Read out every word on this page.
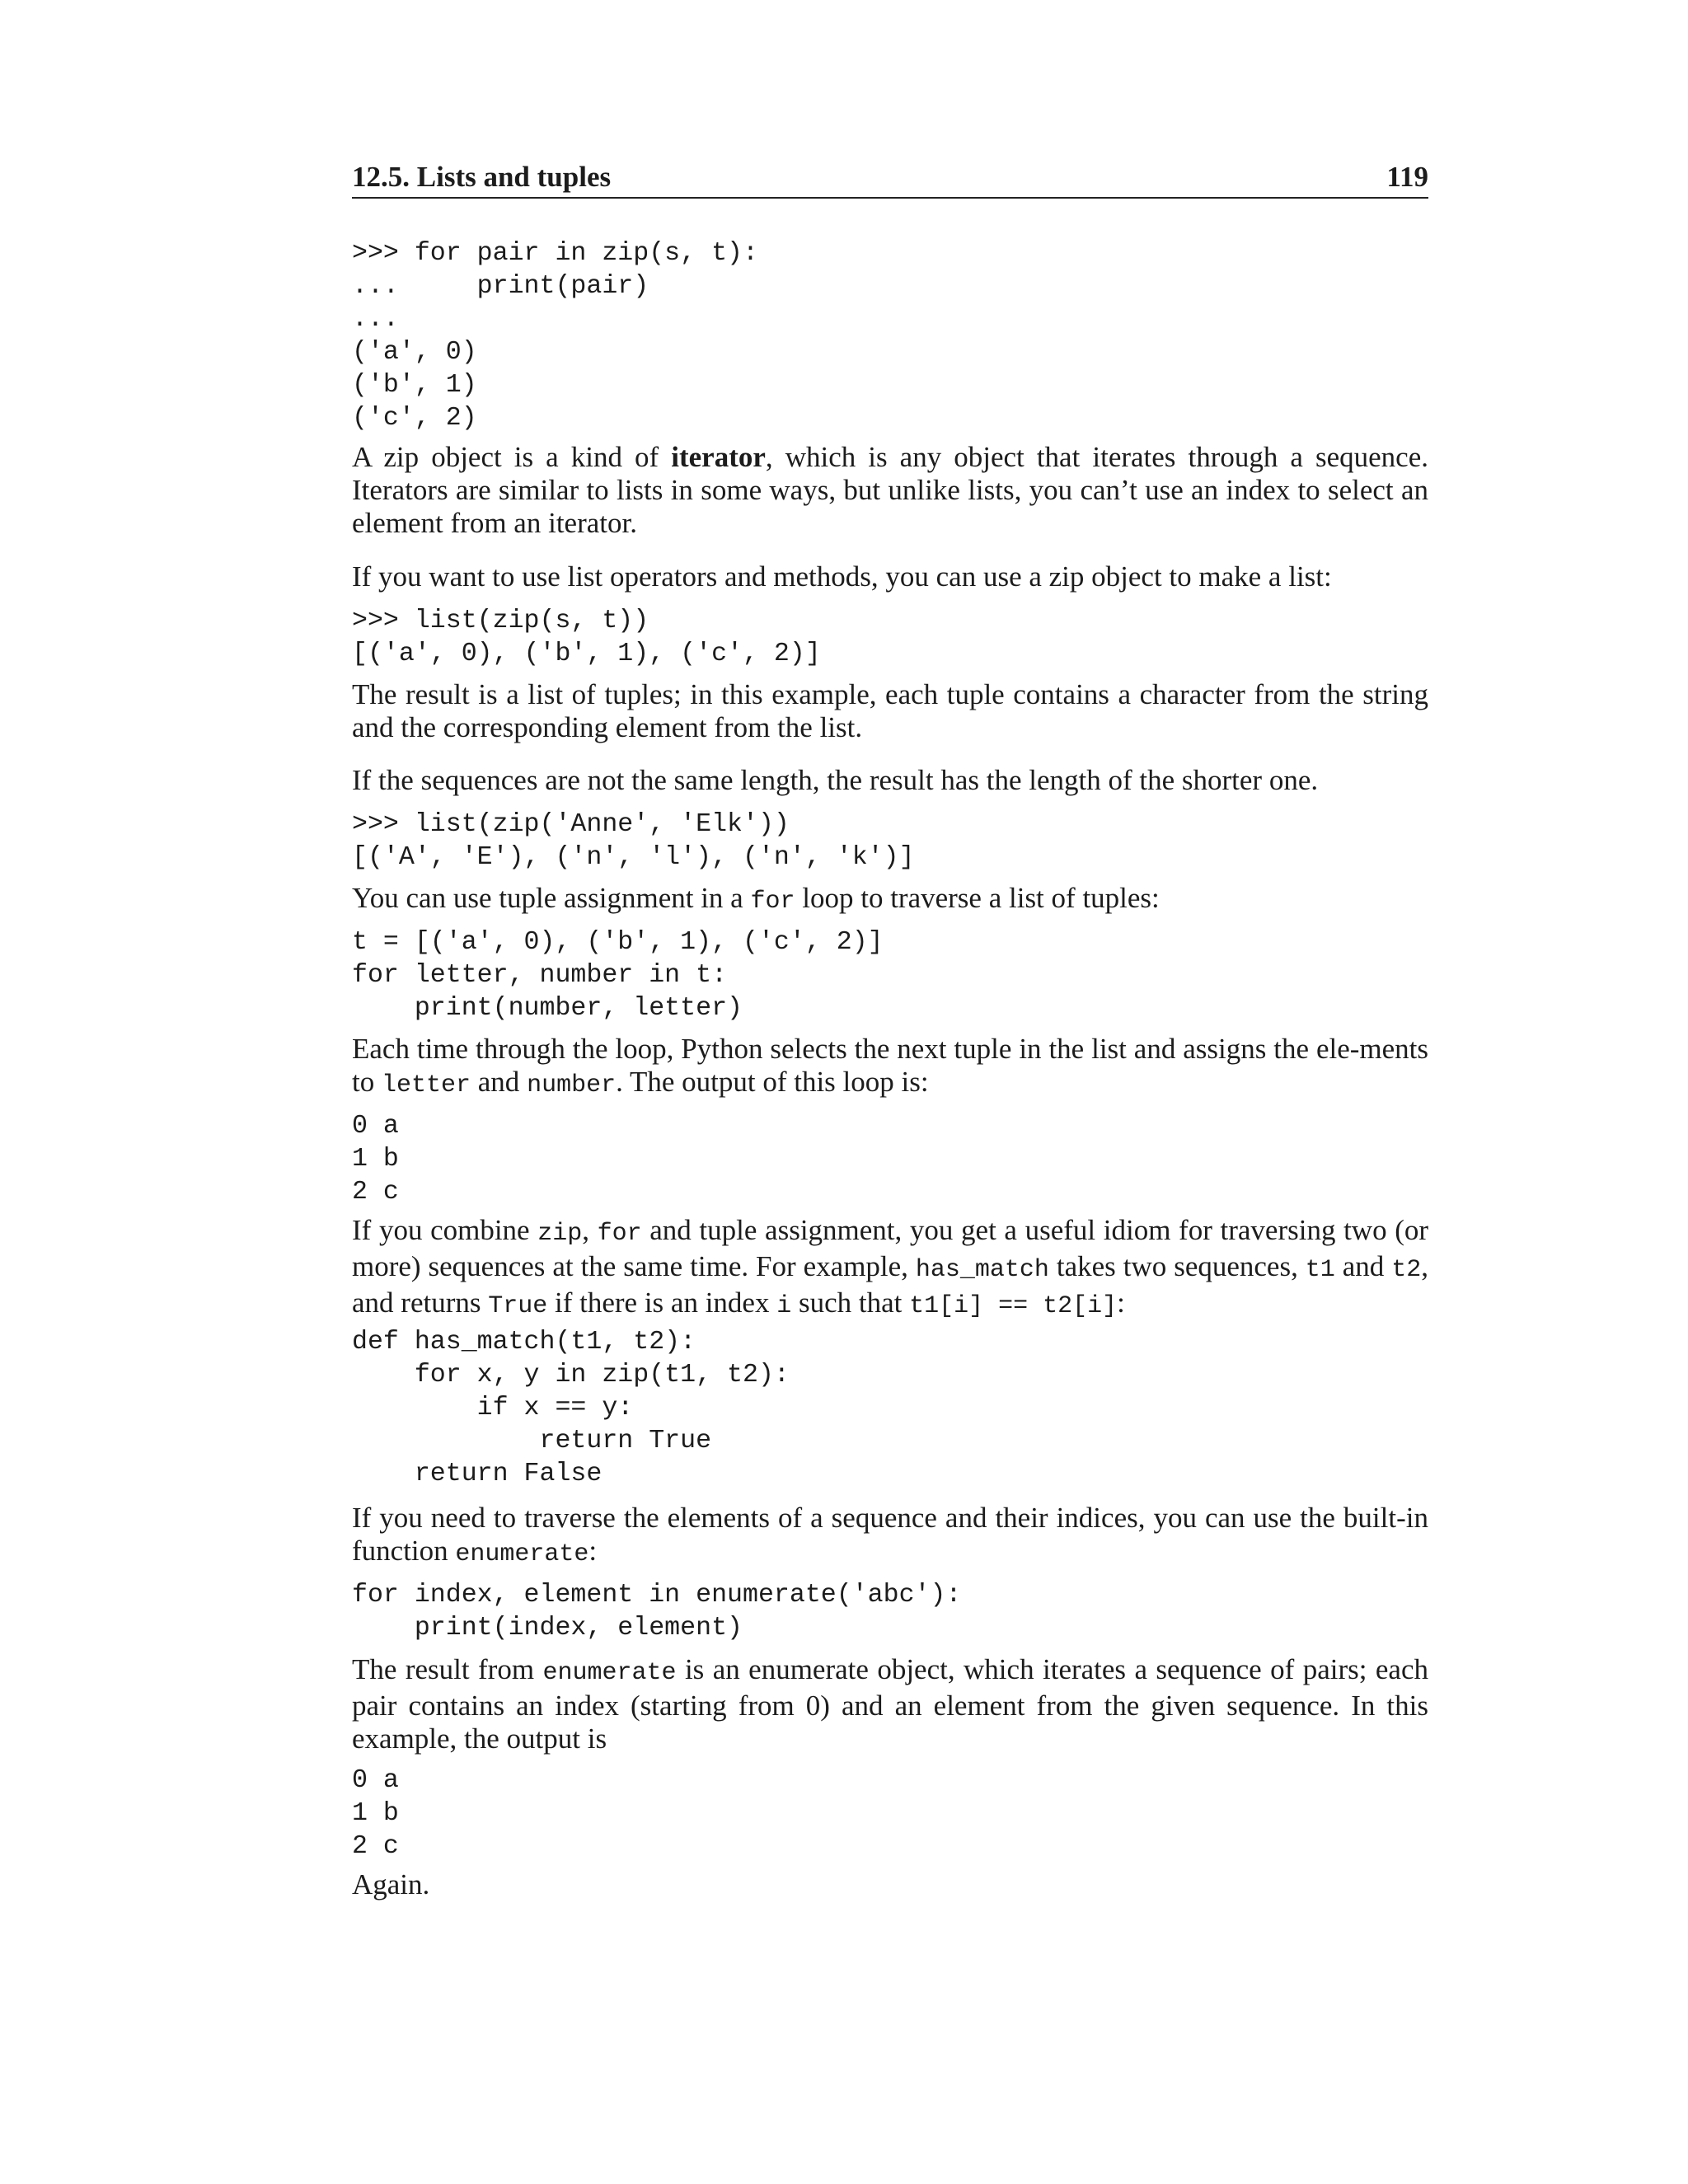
12.5. Lists and tuples	119
>>> for pair in zip(s, t):
...     print(pair)
...
('a', 0)
('b', 1)
('c', 2)

A zip object is a kind of iterator, which is any object that iterates through a sequence. Iterators are similar to lists in some ways, but unlike lists, you can’t use an index to select an element from an iterator.

If you want to use list operators and methods, you can use a zip object to make a list:

>>> list(zip(s, t))
[('a', 0), ('b', 1), ('c', 2)]

The result is a list of tuples; in this example, each tuple contains a character from the string and the corresponding element from the list.

If the sequences are not the same length, the result has the length of the shorter one.

>>> list(zip('Anne', 'Elk'))
[('A', 'E'), ('n', 'l'), ('n', 'k')]

You can use tuple assignment in a for loop to traverse a list of tuples:

t = [('a', 0), ('b', 1), ('c', 2)]
for letter, number in t:
print(number, letter)

Each time through the loop, Python selects the next tuple in the list and assigns the ele-ments to letter and number. The output of this loop is:

0 a
1 b
2 c

If you combine zip, for and tuple assignment, you get a useful idiom for traversing two (or more) sequences at the same time. For example, has_match takes two sequences, t1 and t2, and returns True if there is an index i such that t1[i] == t2[i]:

def has_match(t1, t2):
for x, y in zip(t1, t2):
if x == y:
return True
return False

If you need to traverse the elements of a sequence and their indices, you can use the built-in function enumerate:

for index, element in enumerate('abc'):
print(index, element)

The result from enumerate is an enumerate object, which iterates a sequence of pairs; each pair contains an index (starting from 0) and an element from the given sequence. In this example, the output is

0 a
1 b
2 c

Again.
